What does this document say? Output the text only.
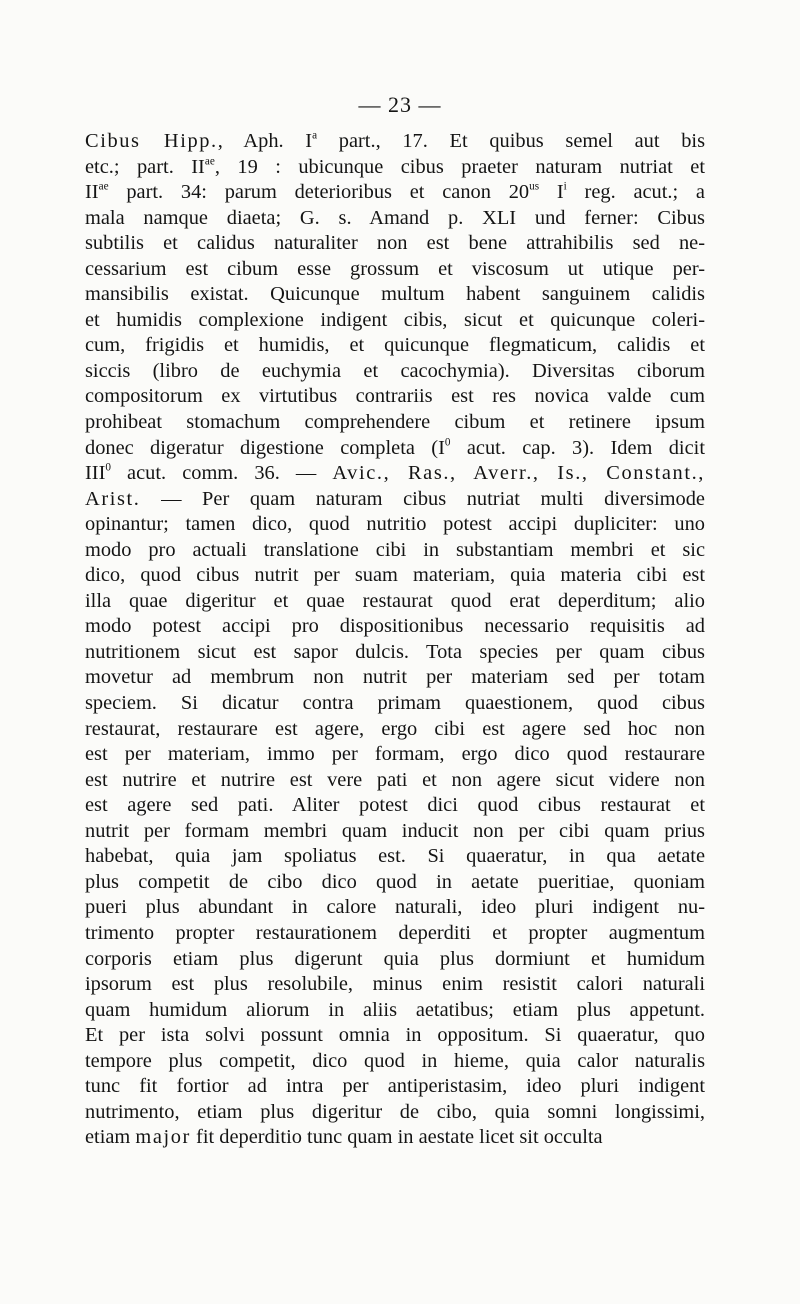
— 23 —
Cibus Hipp., Aph. $I^a$ part., 17. Et quibus semel aut bis
etc.; part. $II^{ae}$, 19 : ubicunque cibus praeter naturam nutriat et
$II^{ae}$ part. 34: parum deterioribus et canon $20^{us}$ $I^i$ reg. acut.; a
mala namque diaeta; G. s. Amand p. XLI und ferner: Cibus
subtilis et calidus naturaliter non est bene attrahibilis sed ne-
cessarium est cibum esse grossum et viscosum ut utique per-
mansibilis existat. Quicunque multum habent sanguinem calidis
et humidis complexione indigent cibis, sicut et quicunque coleri-
cum, frigidis et humidis, et quicunque flegmaticum, calidis et
siccis (libro de euchymia et cacochymia). Diversitas ciborum
compositorum ex virtutibus contrariis est res novica valde cum
prohibeat stomachum comprehendere cibum et retinere ipsum
donec digeratur digestione completa ($I^0$ acut. cap. 3). Idem dicit
III$^0$ acut. comm. 36. — Avic., Ras., Averr., Is., Constant.,
Arist. — Per quam naturam cibus nutriat multi diversimode
opinantur; tamen dico, quod nutritio potest accipi dupliciter: uno
modo pro actuali translatione cibi in substantiam membri et sic
dico, quod cibus nutrit per suam materiam, quia materia cibi est
illa quae digeritur et quae restaurat quod erat deperditum; alio
modo potest accipi pro dispositionibus necessario requisitis ad
nutritionem sicut est sapor dulcis. Tota species per quam cibus
movetur ad membrum non nutrit per materiam sed per totam
speciem. Si dicatur contra primam quaestionem, quod cibus
restaurat, restaurare est agere, ergo cibi est agere sed hoc non
est per materiam, immo per formam, ergo dico quod restaurare
est nutrire et nutrire est vere pati et non agere sicut videre non
est agere sed pati. Aliter potest dici quod cibus restaurat et
nutrit per formam membri quam inducit non per cibi quam prius
habebat, quia jam spoliatus est. Si quaeratur, in qua aetate
plus competit de cibo dico quod in aetate pueritiae, quoniam
pueri plus abundant in calore naturali, ideo pluri indigent nu-
trimento propter restaurationem deperditi et propter augmentum
corporis etiam plus digerunt quia plus dormiunt et humidum
ipsorum est plus resolubile, minus enim resistit calori naturali
quam humidum aliorum in aliis aetatibus; etiam plus appetunt.
Et per ista solvi possunt omnia in oppositum. Si quaeratur, quo
tempore plus competit, dico quod in hieme, quia calor naturalis
tunc fit fortior ad intra per antiperistasim, ideo pluri indigent
nutrimento, etiam plus digeritur de cibo, quia somni longissimi,
etiam major fit deperditio tunc quam in aestate licet sit occulta
